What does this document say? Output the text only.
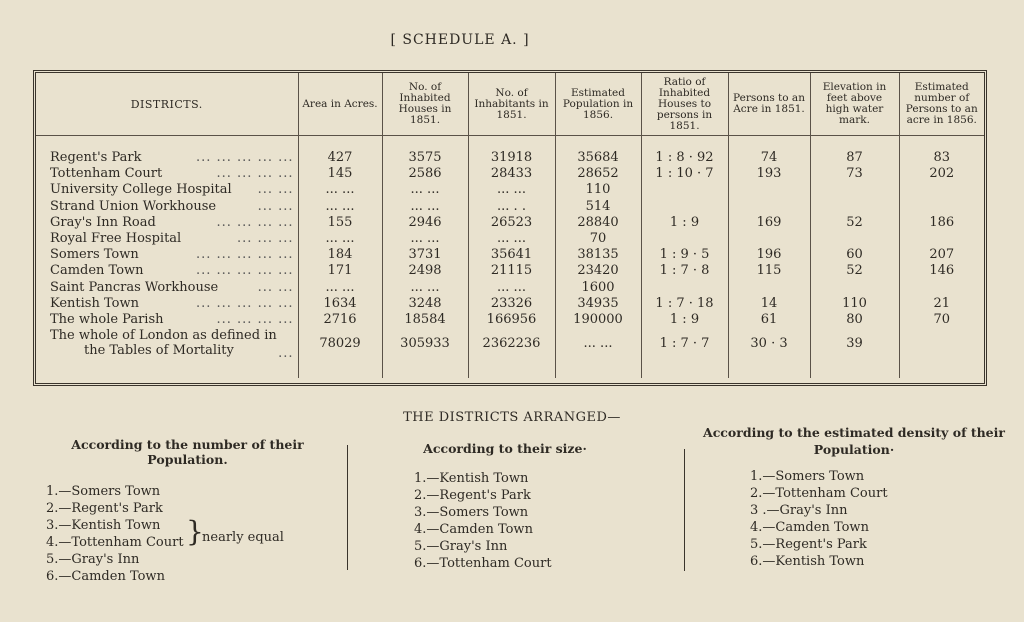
[ SCHEDULE A. ]
DISTRICTS.	Area in Acres.	No. of Inhabited Houses in 1851.	No. of Inhabitants in 1851.	Estimated Population in 1856.	Ratio of Inhabited Houses to persons in 1851.	Persons to an Acre in 1851.	Elevation in feet above high water mark.	Estimated number of Persons to an acre in 1856.
Regent's Park ... ... ... ... ...	427	3575	31918	35684	1 : 8 · 92	74	87	83
Tottenham Court ... ... ... ...	145	2586	28433	28652	1 : 10 · 7	193	73	202
University College Hospital ... ...	... ...	... ...	... ...	110				
Strand Union Workhouse ... ...	... ...	... ...	... . .	514				
Gray's Inn Road ... ... ... ...	155	2946	26523	28840	1 : 9	169	52	186
Royal Free Hospital ... ... ...	... ...	... ...	... ...	70				
Somers Town ... ... ... ... ...	184	3731	35641	38135	1 : 9 · 5	196	60	207
Camden Town ... ... ... ... ...	171	2498	21115	23420	1 : 7 · 8	115	52	146
Saint Pancras Workhouse ... ...	... ...	... ...	... ...	1600				
Kentish Town ... ... ... ... ...	1634	3248	23326	34935	1 : 7 · 18	14	110	21
The whole Parish ... ... ... ...	2716	18584	166956	190000	1 : 9	61	80	70
The whole of London as defined in
the Tables of Mortality ...	78029	305933	2362236	... ...	1 : 7 · 7	30 · 3	39	
THE DISTRICTS ARRANGED—
According to the number of their Population.
1.—Somers Town
2.—Regent's Park
3.—Kentish Town
4.—Tottenham Court
5.—Gray's Inn
6.—Camden Town
}
nearly equal
According to their size·
1.—Kentish Town
2.—Regent's Park
3.—Somers Town
4.—Camden Town
5.—Gray's Inn
6.—Tottenham Court
According to the estimated density of their Population·
1.—Somers Town
2.—Tottenham Court
3 .—Gray's Inn
4.—Camden Town
5.—Regent's Park
6.—Kentish Town
